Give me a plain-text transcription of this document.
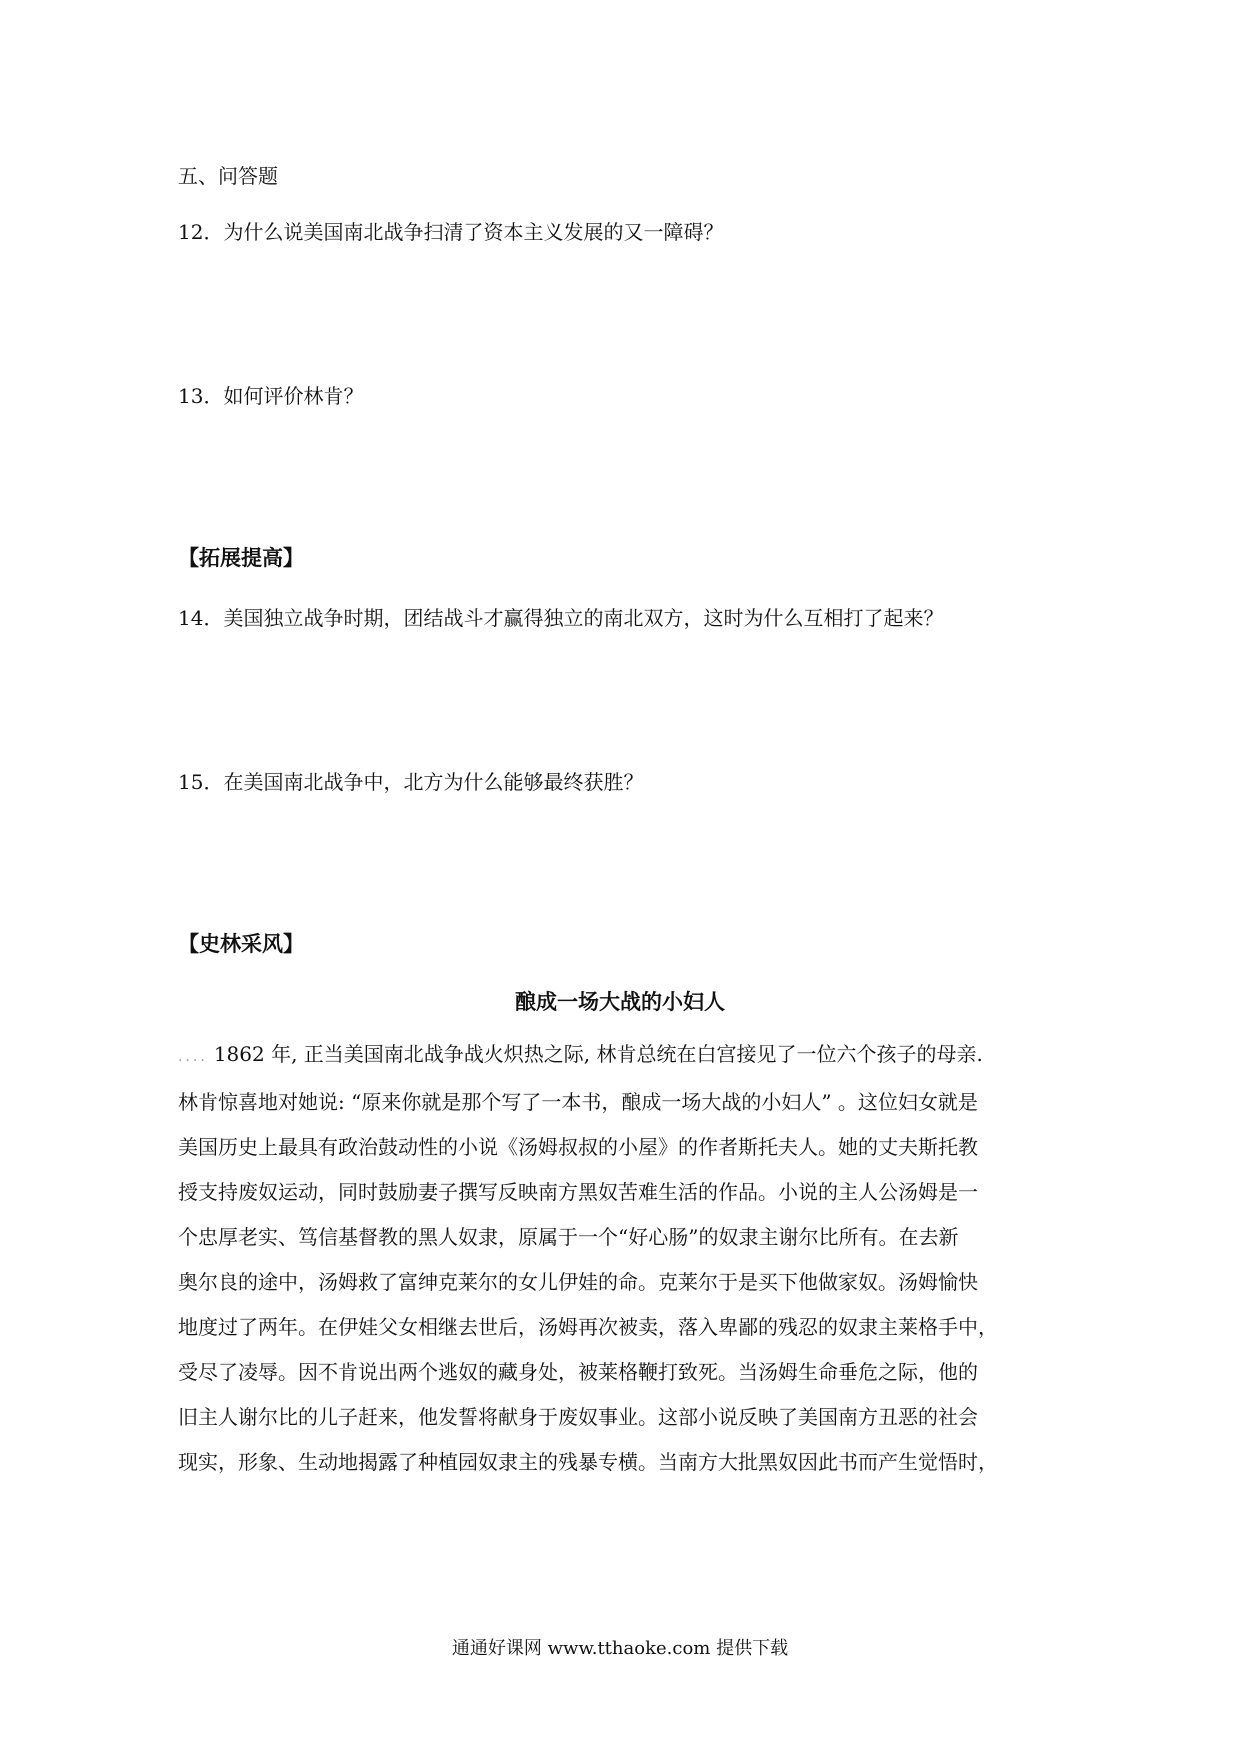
五、问答题
12．为什么说美国南北战争扫清了资本主义发展的又一障碍？
13．如何评价林肯？
【拓展提高】
14．美国独立战争时期，团结战斗才赢得独立的南北双方，这时为什么互相打了起来？
15．在美国南北战争中，北方为什么能够最终获胜？
【史林采风】
酿成一场大战的小妇人
.... 1862 年, 正当美国南北战争战火炽热之际, 林肯总统在白宫接见了一位六个孩子的母亲.
林肯惊喜地对她说: “原来你就是那个写了一本书，酿成一场大战的小妇人” 。这位妇女就是
美国历史上最具有政治鼓动性的小说《汤姆叔叔的小屋》的作者斯托夫人。她的丈夫斯托教
授支持废奴运动，同时鼓励妻子撰写反映南方黑奴苦难生活的作品。小说的主人公汤姆是一
个忠厚老实、笃信基督教的黑人奴隶，原属于一个“好心肠”的奴隶主谢尔比所有。在去新
奥尔良的途中，汤姆救了富绅克莱尔的女儿伊娃的命。克莱尔于是买下他做家奴。汤姆愉快
地度过了两年。在伊娃父女相继去世后，汤姆再次被卖，落入卑鄙的残忍的奴隶主莱格手中，
受尽了凌辱。因不肯说出两个逃奴的藏身处，被莱格鞭打致死。当汤姆生命垂危之际，他的
旧主人谢尔比的儿子赶来，他发誓将献身于废奴事业。这部小说反映了美国南方丑恶的社会
现实，形象、生动地揭露了种植园奴隶主的残暴专横。当南方大批黑奴因此书而产生觉悟时，
通通好课网 www.tthaoke.com 提供下载
